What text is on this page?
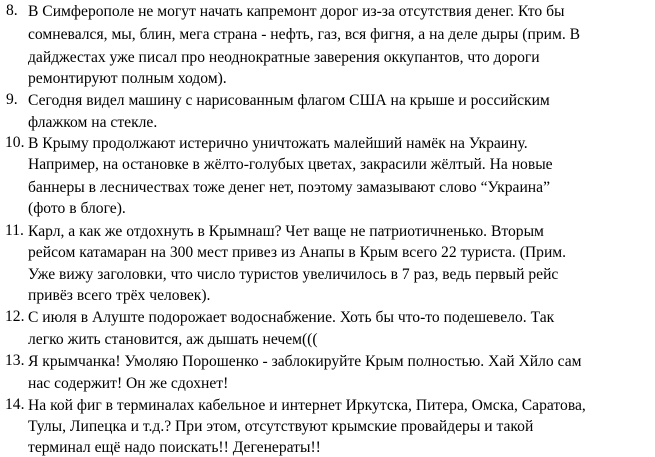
8. В Симферополе не могут начать капремонт дорог из-за отсутствия денег. Кто бы
сомневался, мы, блин, мега страна - нефть, газ, вся фигня, а на деле дыры (прим. В
дайджестах уже писал про неоднократные заверения оккупантов, что дороги
ремонтируют полным ходом).
9. Сегодня видел машину с нарисованным флагом США на крыше и российским
флажком на стекле.
10. В Крыму продолжают истерично уничтожать малейший намёк на Украину.
Например, на остановке в жёлто-голубых цветах, закрасили жёлтый. На новые
баннеры в лесничествах тоже денег нет, поэтому замазывают слово “Украина”
(фото в блоге).
11. Карл, а как же отдохнуть в Крымнаш? Чет ваще не патриотичненько. Вторым
рейсом катамаран на 300 мест привез из Анапы в Крым всего 22 туриста. (Прим.
Уже вижу заголовки, что число туристов увеличилось в 7 раз, ведь первый рейс
привёз всего трёх человек).
12. С июля в Алуште подорожает водоснабжение. Хоть бы что-то подешевело. Так
легко жить становится, аж дышать нечем(((
13. Я крымчанка! Умоляю Порошенко - заблокируйте Крым полностью. Хай Хйло сам
нас содержит! Он же сдохнет!
14. На кой фиг в терминалах кабельное и интернет Иркутска, Питера, Омска, Саратова,
Тулы, Липецка и т.д.? При этом, отсутствуют крымские провайдеры и такой
терминал ещё надо поискать!! Дегенераты!!
